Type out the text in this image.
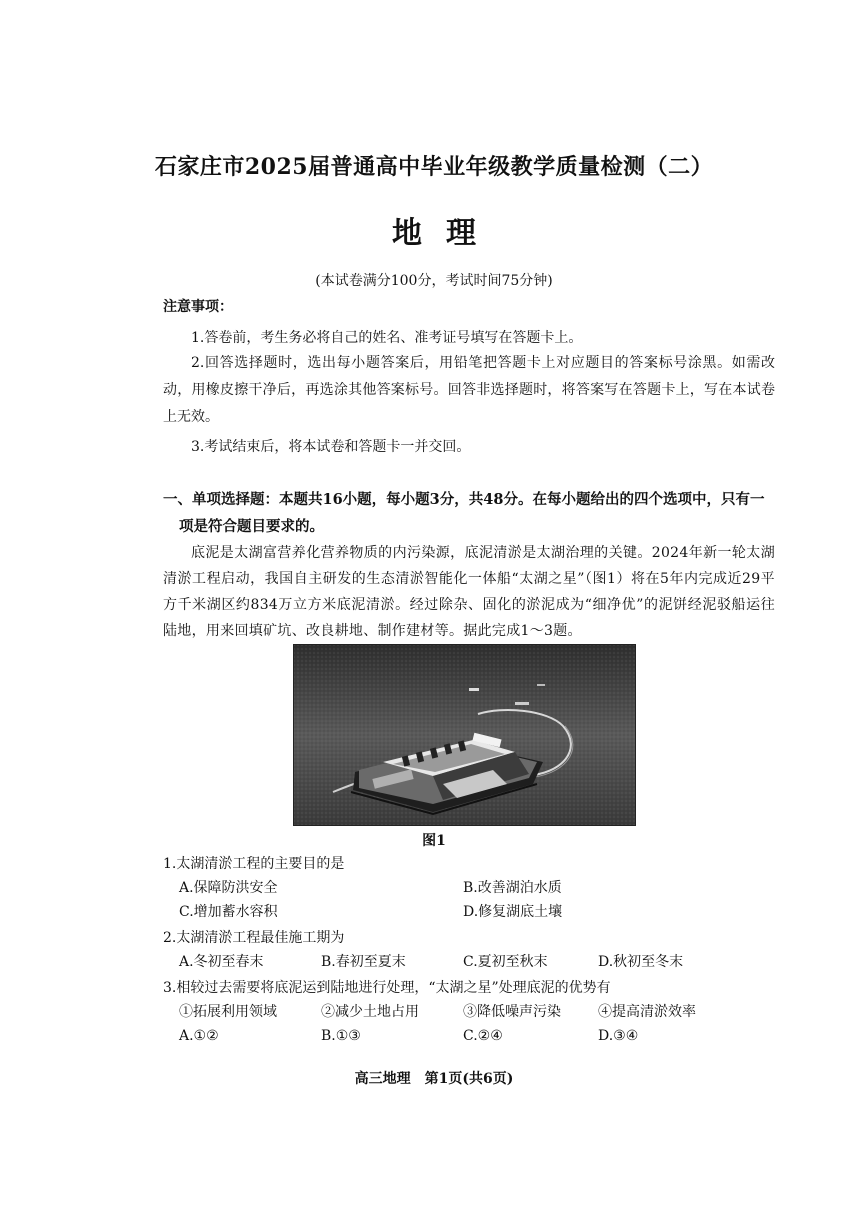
石家庄市2025届普通高中毕业年级教学质量检测（二）
地理
(本试卷满分100分，考试时间75分钟)
注意事项：
1.答卷前，考生务必将自己的姓名、准考证号填写在答题卡上。
2.回答选择题时，选出每小题答案后，用铅笔把答题卡上对应题目的答案标号涂黑。如需改动，用橡皮擦干净后，再选涂其他答案标号。回答非选择题时，将答案写在答题卡上，写在本试卷上无效。
3.考试结束后，将本试卷和答题卡一并交回。
一、单项选择题：本题共16小题，每小题3分，共48分。在每小题给出的四个选项中，只有一项是符合题目要求的。
底泥是太湖富营养化营养物质的内污染源，底泥清淤是太湖治理的关键。2024年新一轮太湖清淤工程启动，我国自主研发的生态清淤智能化一体船“太湖之星”（图1）将在5年内完成近29平方千米湖区约834万立方米底泥清淤。经过除杂、固化的淤泥成为“细净优”的泥饼经泥驳船运往陆地，用来回填矿坑、改良耕地、制作建材等。据此完成1～3题。
图1
1.太湖清淤工程的主要目的是
A.保障防洪安全	B.改善湖泊水质
C.增加蓄水容积	D.修复湖底土壤
2.太湖清淤工程最佳施工期为
A.冬初至春末	B.春初至夏末	C.夏初至秋末	D.秋初至冬末
3.相较过去需要将底泥运到陆地进行处理，“太湖之星”处理底泥的优势有
①拓展利用领域	②减少土地占用	③降低噪声污染	④提高清淤效率
A.①②	B.①③	C.②④	D.③④
高三地理　第1页(共6页)
